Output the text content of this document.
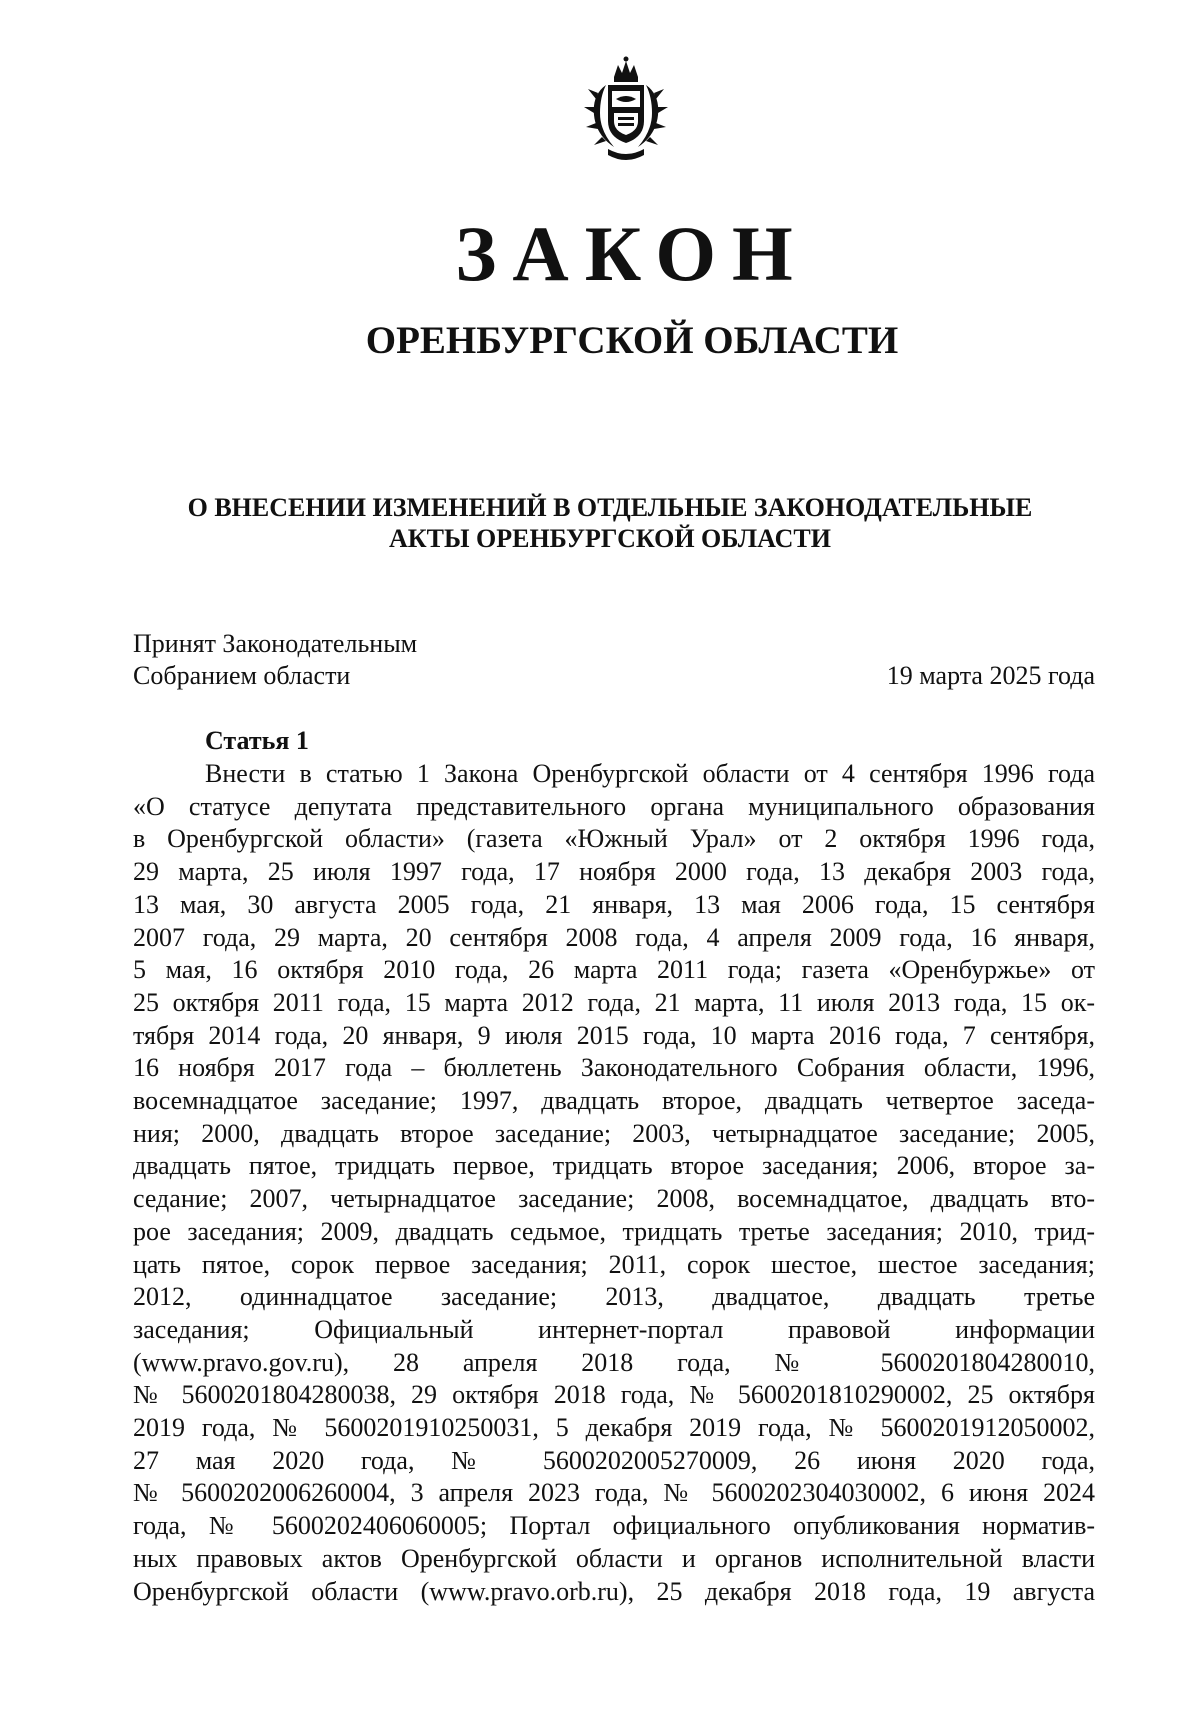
ЗАКОН
ОРЕНБУРГСКОЙ ОБЛАСТИ
О ВНЕСЕНИИ ИЗМЕНЕНИЙ В ОТДЕЛЬНЫЕ ЗАКОНОДАТЕЛЬНЫЕ
АКТЫ ОРЕНБУРГСКОЙ ОБЛАСТИ
Принят Законодательным
Собранием области	19 марта 2025 года
Статья 1
Внести в статью 1 Закона Оренбургской области от 4 сентября 1996 года
«О статусе депутата представительного органа муниципального образования
в Оренбургской области» (газета «Южный Урал» от 2 октября 1996 года,
29 марта, 25 июля 1997 года, 17 ноября 2000 года, 13 декабря 2003 года,
13 мая, 30 августа 2005 года, 21 января, 13 мая 2006 года, 15 сентября
2007 года, 29 марта, 20 сентября 2008 года, 4 апреля 2009 года, 16 января,
5 мая, 16 октября 2010 года, 26 марта 2011 года; газета «Оренбуржье» от
25 октября 2011 года, 15 марта 2012 года, 21 марта, 11 июля 2013 года, 15 ок-
тября 2014 года, 20 января, 9 июля 2015 года, 10 марта 2016 года, 7 сентября,
16 ноября 2017 года – бюллетень Законодательного Собрания области, 1996,
восемнадцатое заседание; 1997, двадцать второе, двадцать четвертое заседа-
ния; 2000, двадцать второе заседание; 2003, четырнадцатое заседание; 2005,
двадцать пятое, тридцать первое, тридцать второе заседания; 2006, второе за-
седание; 2007, четырнадцатое заседание; 2008, восемнадцатое, двадцать вто-
рое заседания; 2009, двадцать седьмое, тридцать третье заседания; 2010, трид-
цать пятое, сорок первое заседания; 2011, сорок шестое, шестое заседания;
2012, одиннадцатое заседание; 2013, двадцатое, двадцать третье
заседания; Официальный интернет-портал правовой информации
(www.pravo.gov.ru), 28 апреля 2018 года, № 5600201804280010,
№ 5600201804280038, 29 октября 2018 года, № 5600201810290002, 25 октября
2019 года, № 5600201910250031, 5 декабря 2019 года, № 5600201912050002,
27 мая 2020 года, № 5600202005270009, 26 июня 2020 года,
№ 5600202006260004, 3 апреля 2023 года, № 5600202304030002, 6 июня 2024
года, № 5600202406060005; Портал официального опубликования норматив-
ных правовых актов Оренбургской области и органов исполнительной власти
Оренбургской области (www.pravo.orb.ru), 25 декабря 2018 года, 19 августа
